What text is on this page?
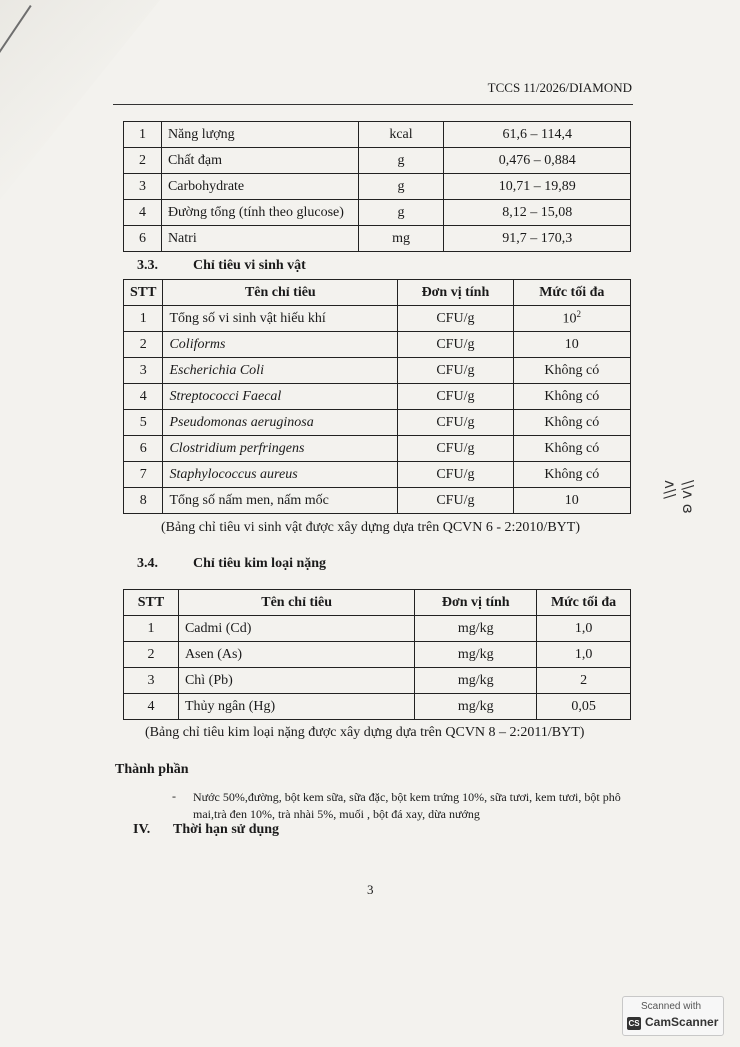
TCCS 11/2026/DIAMOND
1	Năng lượng	kcal	61,6 – 114,4
2	Chất đạm	g	0,476 – 0,884
3	Carbohydrate	g	10,71 – 19,89
4	Đường tổng (tính theo glucose)	g	8,12 – 15,08
6	Natri	mg	91,7 – 170,3
3.3.	Chỉ tiêu vi sinh vật
STT	Tên chỉ tiêu	Đơn vị tính	Mức tối đa
1	Tổng số vi sinh vật hiếu khí	CFU/g	$10^2$
2	Coliforms	CFU/g	10
3	Escherichia Coli	CFU/g	Không có
4	Streptococci Faecal	CFU/g	Không có
5	Pseudomonas aeruginosa	CFU/g	Không có
6	Clostridium perfringens	CFU/g	Không có
7	Staphylococcus aureus	CFU/g	Không có
8	Tổng số nấm men, nấm mốc	CFU/g	10
(Bảng chỉ tiêu vi sinh vật được xây dựng dựa trên QCVN 6 - 2:2010/BYT)
3.4.	Chỉ tiêu kim loại nặng
STT	Tên chỉ tiêu	Đơn vị tính	Mức tối đa
1	Cadmi (Cd)	mg/kg	1,0
2	Asen (As)	mg/kg	1,0
3	Chì (Pb)	mg/kg	2
4	Thủy ngân (Hg)	mg/kg	0,05
(Bảng chỉ tiêu kim loại nặng được xây dựng dựa trên QCVN 8 – 2:2011/BYT)
Thành phần
- Nước 50%,đường, bột kem sữa, sữa đặc, bột kem trứng 10%, sữa tươi, kem tươi, bột phô mai,trà đen 10%, trà nhài 5%, muối , bột đá xay, dừa nướng
IV. Thời hạn sử dụng
3
\\ʌ ɞ ʌ\\
Scanned with
CS CamScanner
